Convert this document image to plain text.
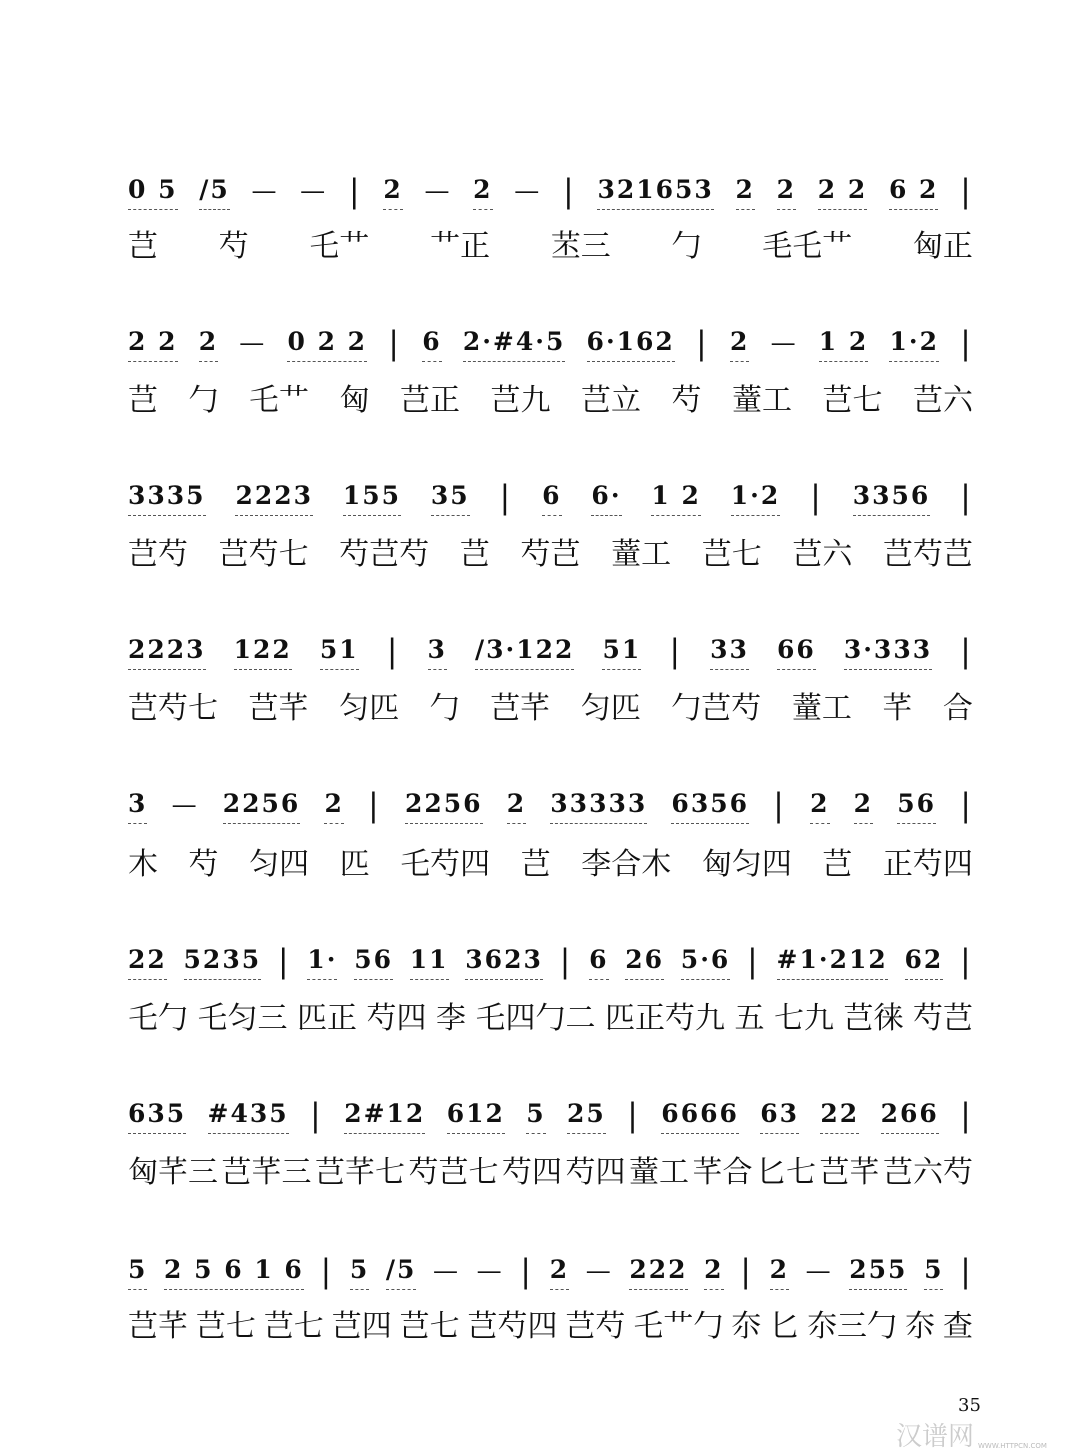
0 5 /5 — — | 2 — 2 — | 321653 2 2 2 2 6 2 |
芑 芍 乇艹 艹正 苤三 勹 毛乇艹 匈正
2 2 2 — 0 2 2 | 6 2·#4·5 6·162 | 2 — 1 2 1·2 |
芑 勹 乇艹 匈 芑正 芑九 芑立 芍 蕫工 芑七 芑六
3335 2223 155 35 | 6 6· 1 2 1·2 | 3356 |
芑芍 芑芍七 芍芑芍 芑 芍芑 蕫工 芑七 芑六 芑芍芑
2223 122 51 | 3 /3·122 51 | 33 66 3·333 |
芑芍七 芑芊 匀匹 勹 芑芊 匀匹 勹芑芍 蕫工 芊 合
3 — 2256 2 | 2256 2 33333 6356 | 2 2 56 |
木 芍 匀四 匹 乇芍四 芑 李合木 匈匀四 芑 正芍四
22 5235 | 1· 56 11 3623 | 6 26 5·6 | #1·212 62 |
乇勹 乇匀三 匹正 芍四 李 乇四勹二 匹正芍九 五 七九 芑徕 芍芑
635 #435 | 2#12 612 5 25 | 6666 63 22 266 |
匈芊三 芑芊三 芑芊七 芍芑七 芍四 芍四 蕫工 芊合 匕七 芑芊 芑六芍
5 2 5 6 1 6 | 5 /5 — — | 2 — 222 2 | 2 — 255 5 |
芑芊 芑七 芑七 芑四 芑七 芑芍四 芑芍 乇艹勹 夵 匕 夵三勹 夵 查
35
汉谱网 WWW.HTTPCN.COM
